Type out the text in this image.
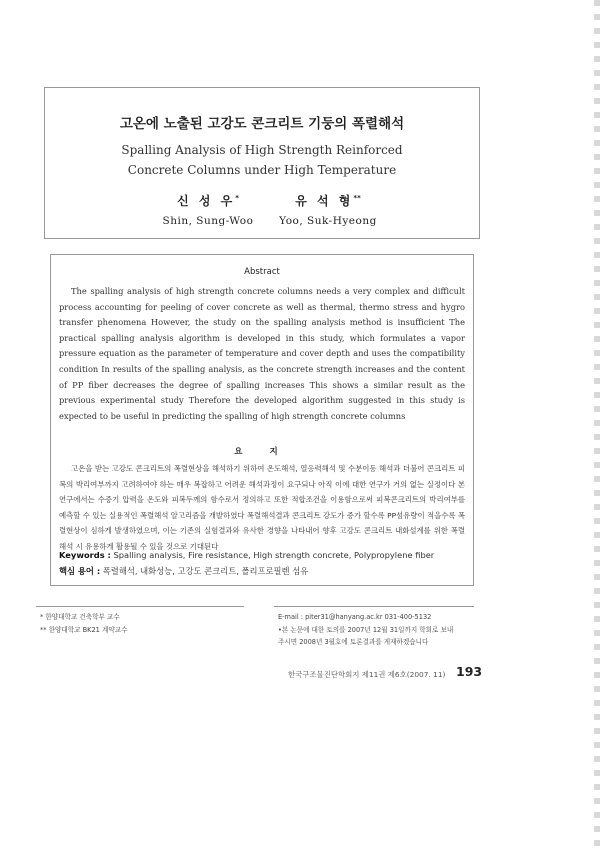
고온에 노출된 고강도 콘크리트 기둥의 폭렬해석
Spalling Analysis of High Strength Reinforced
Concrete Columns under High Temperature
신 성 우*
Shin, Sung-Woo
유 석 형**
Yoo, Suk-Hyeong
Abstract
The spalling analysis of high strength concrete columns needs a very complex and difficult process accounting for peeling of cover concrete as well as thermal, thermo stress and hygro transfer phenomena However, the study on the spalling analysis method is insufficient The practical spalling analysis algorithm is developed in this study, which formulates a vapor pressure equation as the parameter of temperature and cover depth and uses the compatibility condition In results of the spalling analysis, as the concrete strength increases and the content of PP fiber decreases the degree of spalling increases This shows a similar result as the previous experimental study Therefore the developed algorithm suggested in this study is expected to be useful in predicting the spalling of high strength concrete columns
요 지
고온을 받는 고강도 콘크리트의 폭렬현상을 해석하기 위하여 온도해석, 열응력해석 및 수분이동 해석과 더불어 콘크리트 피복의 박리여부까지 고려하여야 하는 매우 복잡하고 어려운 해석과정이 요구되나 아직 이에 대한 연구가 거의 없는 실정이다 본 연구에서는 수증기 압력을 온도와 피복두께의 함수로서 정의하고 또한 적합조건을 이용함으로써 피복콘크리트의 박리여부를 예측할 수 있는 실용적인 폭렬해석 알고리즘을 개발하였다 폭렬해석결과 콘크리트 강도가 증가 할수록 PP섬유량이 적을수록 폭렬현상이 심하게 발생하였으며, 이는 기존의 실험결과와 유사한 경향을 나타내어 향후 고강도 콘크리트 내화설계를 위한 폭렬해석 시 유용하게 활용될 수 있을 것으로 기대된다
Keywords : Spalling analysis, Fire resistance, High strength concrete, Polypropylene fiber
핵심 용어 : 폭렬해석, 내화성능, 고강도 콘크리트, 폴리프로필렌 섬유
* 한양대학교 건축학부 교수
** 한양대학교 BK21 계약교수
E-mail : piter31@hanyang.ac.kr 031-400-5132
•본 논문에 대한 토의를 2007년 12월 31일까지 학회로 보내
주시면 2008년 3월호에 토론결과를 게재하겠습니다
한국구조물진단학회지 제11권 제6호(2007. 11) 193
